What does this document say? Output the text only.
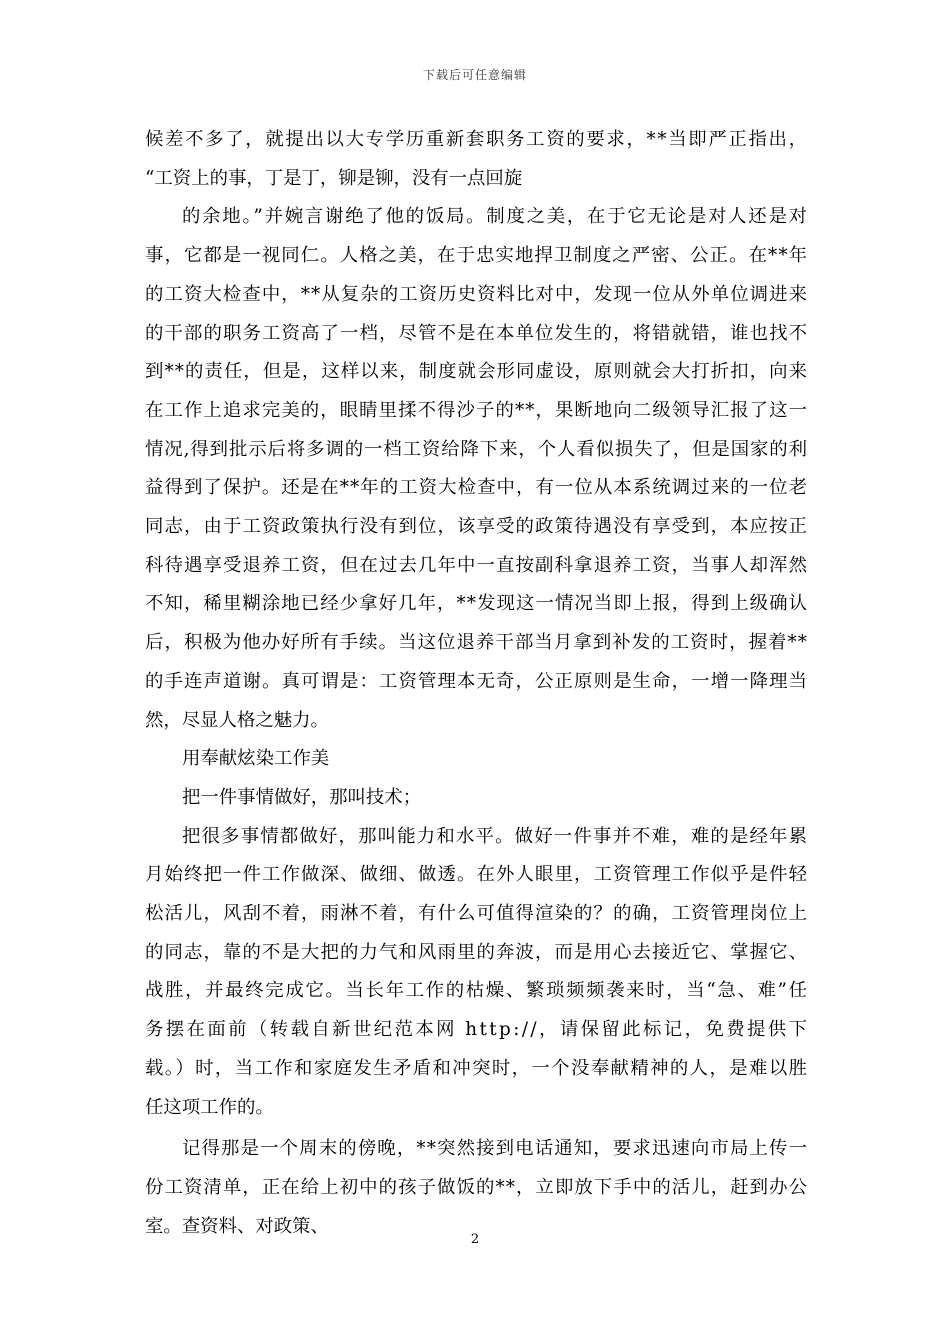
下载后可任意编辑
候差不多了，就提出以大专学历重新套职务工资的要求，**当即严正指出，
“工资上的事，丁是丁，铆是铆，没有一点回旋
的余地。”并婉言谢绝了他的饭局。制度之美，在于它无论是对人还是对
事，它都是一视同仁。人格之美，在于忠实地捍卫制度之严密、公正。在**年
的工资大检查中，**从复杂的工资历史资料比对中，发现一位从外单位调进来
的干部的职务工资高了一档，尽管不是在本单位发生的，将错就错，谁也找不
到**的责任，但是，这样以来，制度就会形同虚设，原则就会大打折扣，向来
在工作上追求完美的，眼睛里揉不得沙子的**，果断地向二级领导汇报了这一
情况,得到批示后将多调的一档工资给降下来，个人看似损失了，但是国家的利
益得到了保护。还是在**年的工资大检查中，有一位从本系统调过来的一位老
同志，由于工资政策执行没有到位，该享受的政策待遇没有享受到，本应按正
科待遇享受退养工资，但在过去几年中一直按副科拿退养工资，当事人却浑然
不知，稀里糊涂地已经少拿好几年，**发现这一情况当即上报，得到上级确认
后，积极为他办好所有手续。当这位退养干部当月拿到补发的工资时，握着**
的手连声道谢。真可谓是：工资管理本无奇，公正原则是生命，一增一降理当
然，尽显人格之魅力。
用奉献炫染工作美
把一件事情做好，那叫技术；
把很多事情都做好，那叫能力和水平。做好一件事并不难，难的是经年累
月始终把一件工作做深、做细、做透。在外人眼里，工资管理工作似乎是件轻
松活儿，风刮不着，雨淋不着，有什么可值得渲染的？的确，工资管理岗位上
的同志，靠的不是大把的力气和风雨里的奔波，而是用心去接近它、掌握它、
战胜，并最终完成它。当长年工作的枯燥、繁琐频频袭来时，当“急、难”任
务摆在面前（转载自新世纪范本网 http://，请保留此标记，免费提供下
载。）时，当工作和家庭发生矛盾和冲突时，一个没奉献精神的人，是难以胜
任这项工作的。
记得那是一个周末的傍晚，**突然接到电话通知，要求迅速向市局上传一
份工资清单，正在给上初中的孩子做饭的**，立即放下手中的活儿，赶到办公
室。查资料、对政策、
2
